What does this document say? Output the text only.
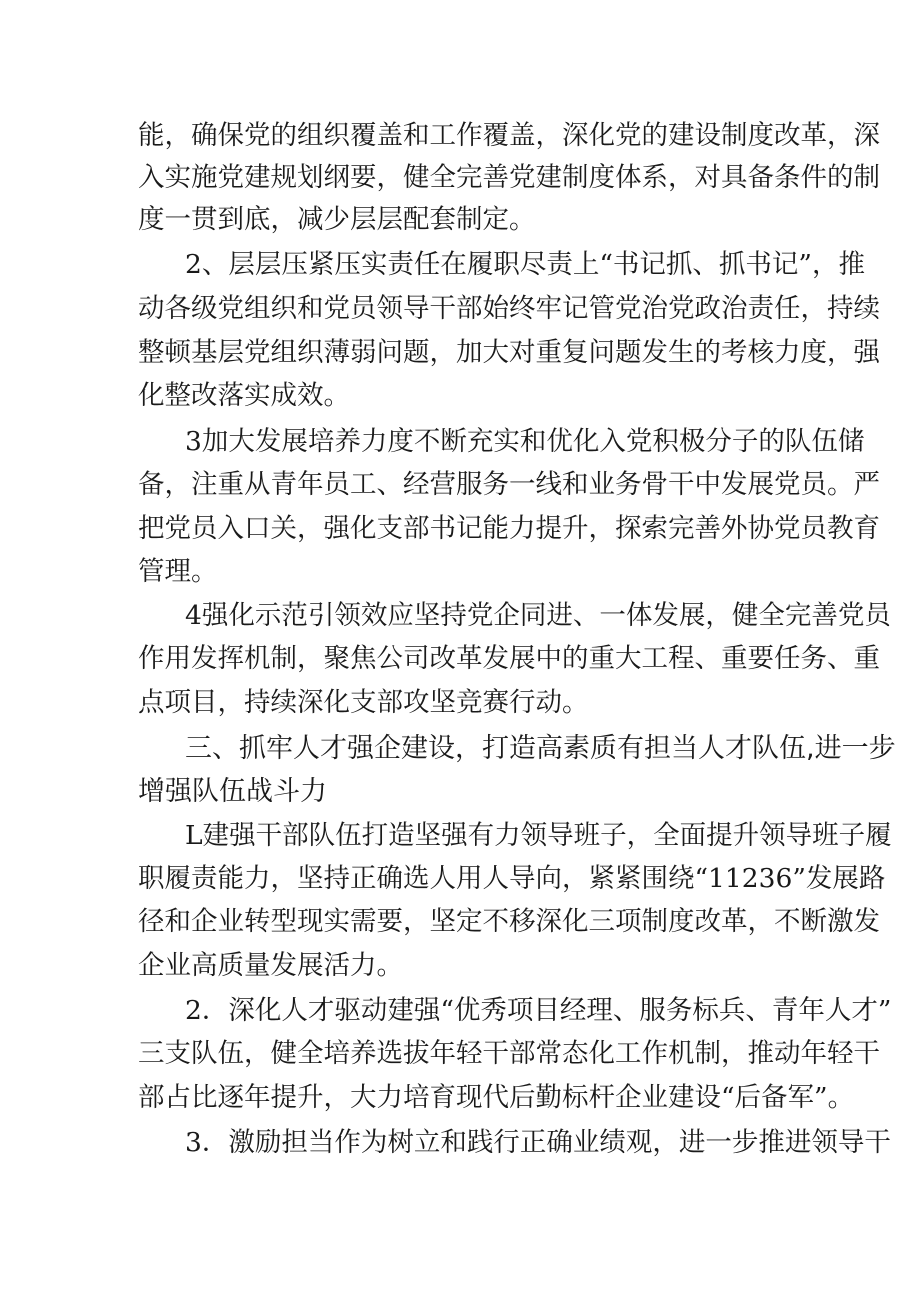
能，确保党的组织覆盖和工作覆盖，深化党的建设制度改革，深

入实施党建规划纲要，健全完善党建制度体系，对具备条件的制

度一贯到底，减少层层配套制定。

2、层层压紧压实责任在履职尽责上“书记抓、抓书记”，推

动各级党组织和党员领导干部始终牢记管党治党政治责任，持续

整顿基层党组织薄弱问题，加大对重复问题发生的考核力度，强

化整改落实成效。

3加大发展培养力度不断充实和优化入党积极分子的队伍储

备，注重从青年员工、经营服务一线和业务骨干中发展党员。严

把党员入口关，强化支部书记能力提升，探索完善外协党员教育

管理。

4强化示范引领效应坚持党企同进、一体发展，健全完善党员

作用发挥机制，聚焦公司改革发展中的重大工程、重要任务、重

点项目，持续深化支部攻坚竞赛行动。

三、抓牢人才强企建设，打造高素质有担当人才队伍,进一步

增强队伍战斗力

L建强干部队伍打造坚强有力领导班子，全面提升领导班子履

职履责能力，坚持正确选人用人导向，紧紧围绕“11236”发展路

径和企业转型现实需要，坚定不移深化三项制度改革，不断激发

企业高质量发展活力。

2．深化人才驱动建强“优秀项目经理、服务标兵、青年人才”

三支队伍，健全培养选拔年轻干部常态化工作机制，推动年轻干

部占比逐年提升，大力培育现代后勤标杆企业建设“后备军”。

3．激励担当作为树立和践行正确业绩观，进一步推进领导干
